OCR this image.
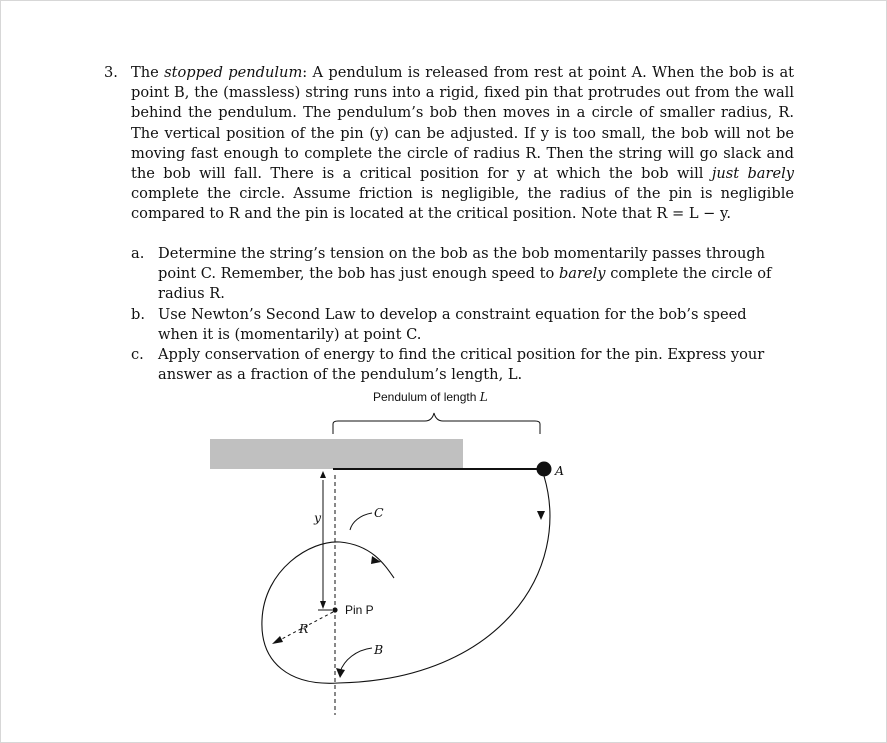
3. The stopped pendulum: A pendulum is released from rest at point A. When the bob is at point B, the (massless) string runs into a rigid, fixed pin that protrudes out from the wall behind the pendulum. The pendulum’s bob then moves in a circle of smaller radius, R. The vertical position of the pin (y) can be adjusted. If y is too small, the bob will not be moving fast enough to complete the circle of radius R. Then the string will go slack and the bob will fall. There is a critical position for y at which the bob will just barely complete the circle. Assume friction is negligible, the radius of the pin is negligible compared to R and the pin is located at the critical position. Note that R = L − y.
a. Determine the string’s tension on the bob as the bob momentarily passes through point C. Remember, the bob has just enough speed to barely complete the circle of radius R.
b. Use Newton’s Second Law to develop a constraint equation for the bob’s speed when it is (momentarily) at point C.
c. Apply conservation of energy to find the critical position for the pin. Express your answer as a fraction of the pendulum’s length, L.
Pendulum of length L
A
C
B
Pin P
y
R
